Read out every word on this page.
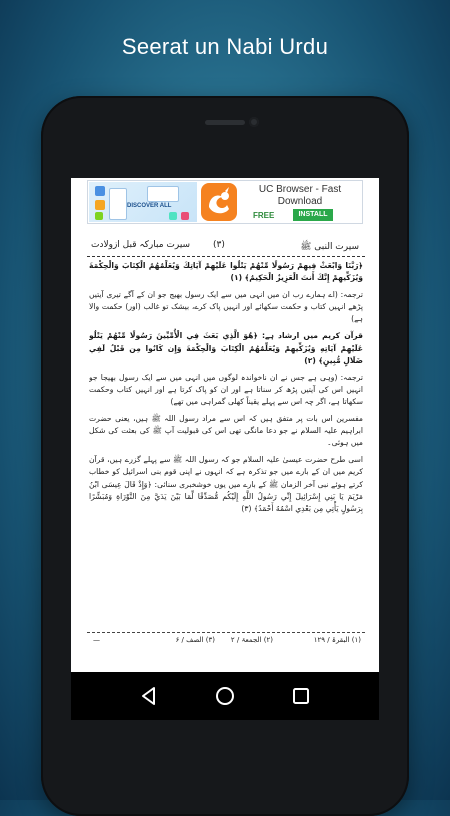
Seerat un Nabi Urdu
DISCOVER ALL
UC Browser - Fast Download
FREE	INSTALL
سیرت النبی ﷺ
(۳)
سیرت مبارکہ قبل ازولادت

﴿رَبَّنَا وَابْعَثْ فِيهِمْ رَسُولًا مِّنْهُمْ يَتْلُوا عَلَيْهِمْ آيَاتِكَ وَيُعَلِّمُهُمُ الْكِتَابَ وَالْحِكْمَةَ وَيُزَكِّيهِمْ إِنَّكَ أَنتَ الْعَزِيزُ الْحَكِيمُ﴾ (۱)

ترجمہ: (اے ہمارے رب ان میں انہی میں سے ایک رسول بھیج جو ان کے آگے تیری آیتیں پڑھے انہیں کتاب و حکمت سکھائے اور انہیں پاک کرے، بیشک تو غالب (اور) حکمت والا ہے)

قرآن کریم میں ارشاد ہے: ﴿هُوَ الَّذِي بَعَثَ فِي الْأُمِّيِّينَ رَسُولًا مِّنْهُمْ يَتْلُو عَلَيْهِمْ آيَاتِهِ وَيُزَكِّيهِمْ وَيُعَلِّمُهُمُ الْكِتَابَ وَالْحِكْمَةَ وَإِن كَانُوا مِن قَبْلُ لَفِي ضَلَالٍ مُّبِينٍ﴾ (۲)

ترجمہ: (وہی ہے جس نے ان ناخواندہ لوگوں میں انہی میں سے ایک رسول بھیجا جو انہیں اس کی آیتیں پڑھ کر سناتا ہے اور ان کو پاک کرتا ہے اور انہیں کتاب وحکمت سکھاتا ہے، اگر چہ اس سے پہلے یقیناً کھلی گمراہی میں تھے)

مفسرین اس بات پر متفق ہیں کہ اس سے مراد رسول اللہ ﷺ ہیں، یعنی حضرت ابراہیم علیہ السلام نے جو دعا مانگی تھی اس کی قبولیت آپ ﷺ کی بعثت کی شکل میں ہوئی۔

اسی طرح حضرت عیسیٰ علیہ السلام جو کہ رسول اللہ ﷺ سے پہلے گزرے ہیں، قرآن کریم میں ان کے بارے میں جو تذکرہ ہے کہ انہوں نے اپنی قوم بنی اسرائیل کو خطاب کرتے ہوئے نبی آخر الزمان ﷺ کے بارے میں یوں خوشخبری سنائی: ﴿وَإِذْ قَالَ عِيسَى ابْنُ مَرْيَمَ يَا بَنِي إِسْرَائِيلَ إِنِّي رَسُولُ اللَّهِ إِلَيْكُم مُّصَدِّقًا لِّمَا بَيْنَ يَدَيَّ مِنَ التَّوْرَاةِ وَمُبَشِّرًا بِرَسُولٍ يَأْتِي مِن بَعْدِي اسْمُهُ أَحْمَدُ﴾ (۳)

(۱) البقرۃ / ۱۲۹
(۲) الجمعۃ / ۲
(۳) الصف / ۶
—
